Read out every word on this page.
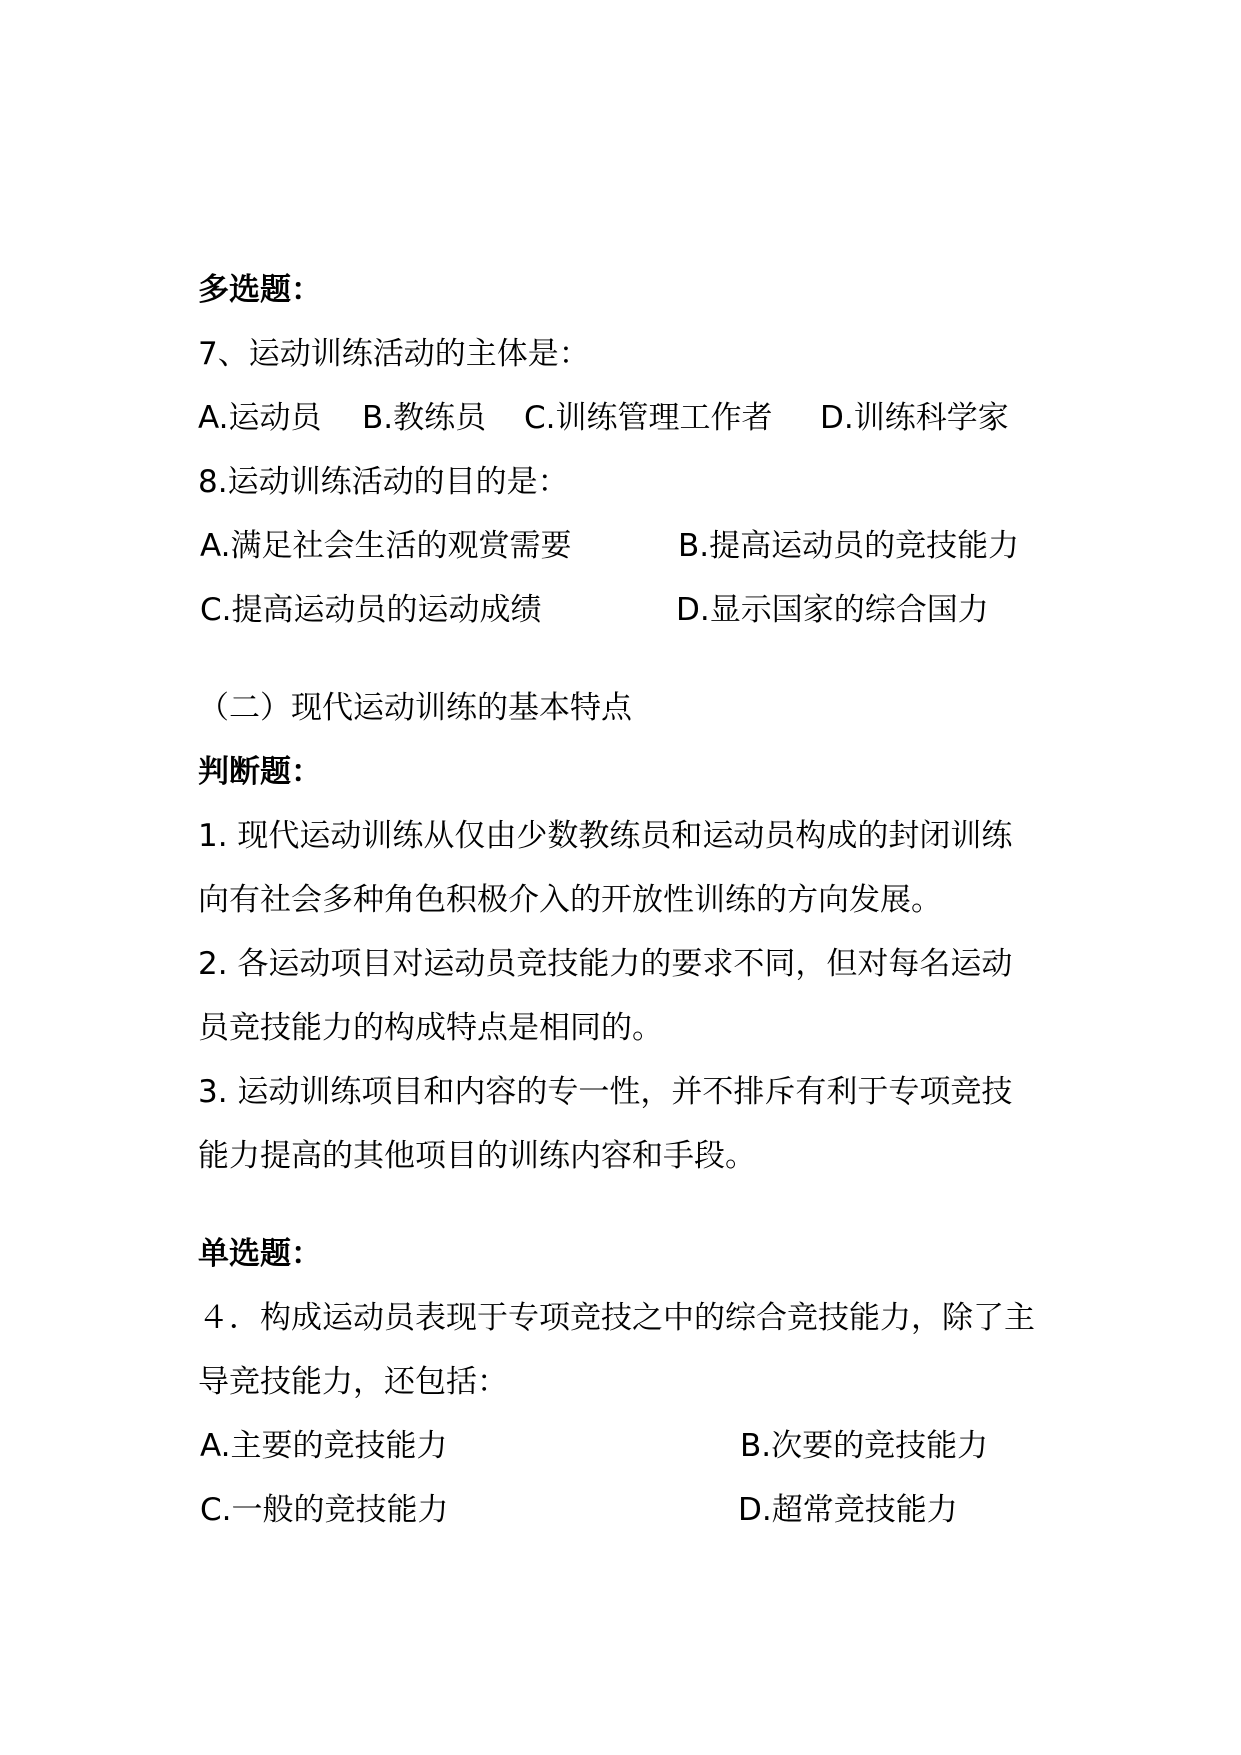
多选题：
7、运动训练活动的主体是：
A.运动员 B.教练员 C.训练管理工作者 D.训练科学家
8.运动训练活动的目的是：
A.满足社会生活的观赏需要	B.提高运动员的竞技能力
C.提高运动员的运动成绩	D.显示国家的综合国力
（二）现代运动训练的基本特点
判断题：
1. 现代运动训练从仅由少数教练员和运动员构成的封闭训练
向有社会多种角色积极介入的开放性训练的方向发展。
2. 各运动项目对运动员竞技能力的要求不同，但对每名运动
员竞技能力的构成特点是相同的。
3. 运动训练项目和内容的专一性，并不排斥有利于专项竞技
能力提高的其他项目的训练内容和手段。
单选题：
４．构成运动员表现于专项竞技之中的综合竞技能力，除了主
导竞技能力，还包括：
A.主要的竞技能力	B.次要的竞技能力
C.一般的竞技能力	D.超常竞技能力
